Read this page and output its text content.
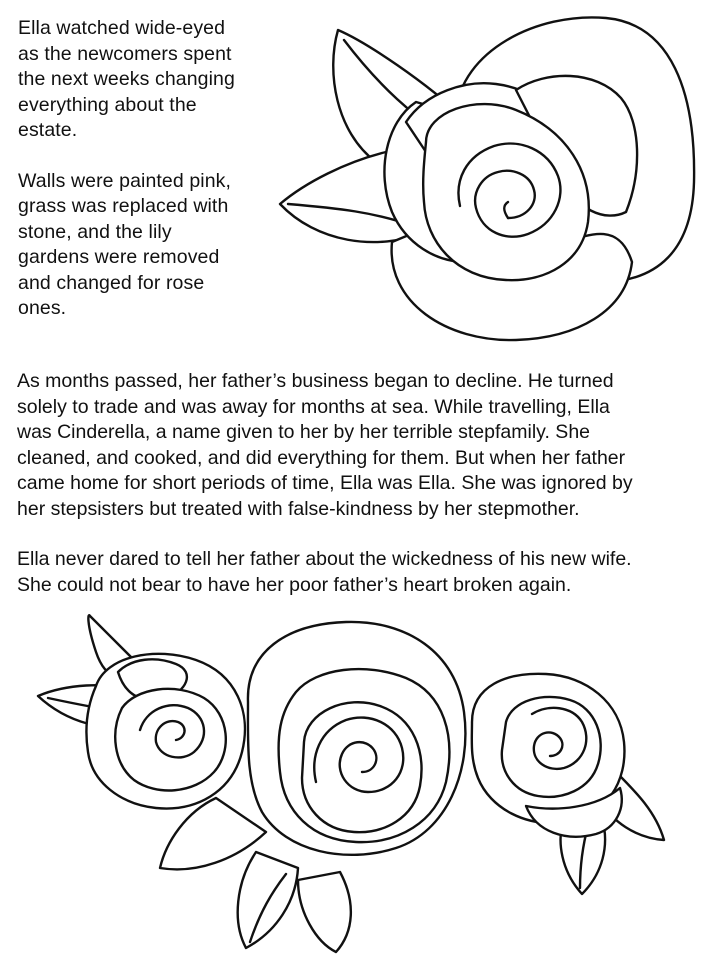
Ella watched wide-eyed
as the newcomers spent
the next weeks changing
everything about the
estate.

Walls were painted pink,
grass was replaced with
stone, and the lily
gardens were removed
and changed for rose
ones.

As months passed, her father’s business began to decline. He turned
solely to trade and was away for months at sea. While travelling, Ella
was Cinderella, a name given to her by her terrible stepfamily. She
cleaned, and cooked, and did everything for them. But when her father
came home for short periods of time, Ella was Ella. She was ignored by
her stepsisters but treated with false-kindness by her stepmother.

Ella never dared to tell her father about the wickedness of his new wife.
She could not bear to have her poor father’s heart broken again.
